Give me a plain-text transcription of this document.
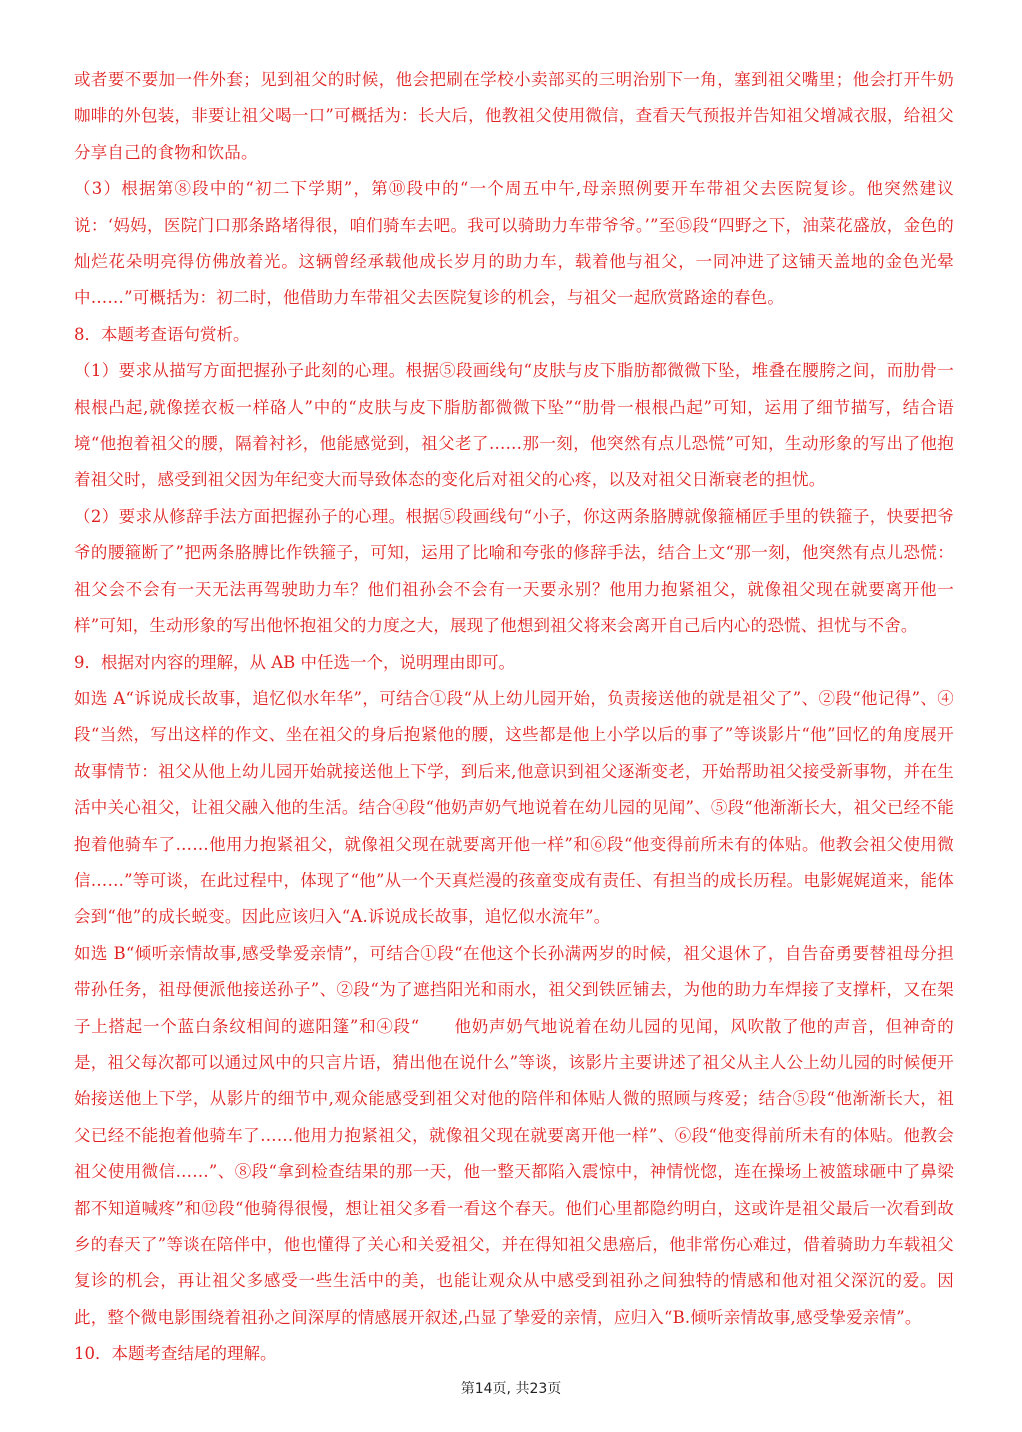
或者要不要加一件外套；见到祖父的时候，他会把刷在学校小卖部买的三明治别下一角，塞到祖父嘴里；他会打开牛奶咖啡的外包装，非要让祖父喝一口”可概括为：长大后，他教祖父使用微信，查看天气预报并告知祖父增减衣服，给祖父分享自己的食物和饮品。

（3）根据第⑧段中的“初二下学期”，第⑩段中的“一个周五中午,母亲照例要开车带祖父去医院复诊。他突然建议说：‘妈妈，医院门口那条路堵得很，咱们骑车去吧。我可以骑助力车带爷爷。’”至⑮段“四野之下，油菜花盛放，金色的灿烂花朵明亮得仿佛放着光。这辆曾经承载他成长岁月的助力车，载着他与祖父，一同冲进了这铺天盖地的金色光晕中……”可概括为：初二时，他借助力车带祖父去医院复诊的机会，与祖父一起欣赏路途的春色。

8．本题考查语句赏析。

（1）要求从描写方面把握孙子此刻的心理。根据⑤段画线句“皮肤与皮下脂肪都微微下坠，堆叠在腰胯之间，而肋骨一根根凸起,就像搓衣板一样硌人”中的“皮肤与皮下脂肪都微微下坠”“肋骨一根根凸起”可知，运用了细节描写，结合语境“他抱着祖父的腰，隔着衬衫，他能感觉到，祖父老了……那一刻，他突然有点儿恐慌”可知，生动形象的写出了他抱着祖父时，感受到祖父因为年纪变大而导致体态的变化后对祖父的心疼，以及对祖父日渐衰老的担忧。

（2）要求从修辞手法方面把握孙子的心理。根据⑤段画线句“小子，你这两条胳膊就像箍桶匠手里的铁箍子，快要把爷爷的腰箍断了”把两条胳膊比作铁箍子，可知，运用了比喻和夸张的修辞手法，结合上文“那一刻，他突然有点儿恐慌：祖父会不会有一天无法再驾驶助力车？他们祖孙会不会有一天要永别？他用力抱紧祖父，就像祖父现在就要离开他一样”可知，生动形象的写出他怀抱祖父的力度之大，展现了他想到祖父将来会离开自己后内心的恐慌、担忧与不舍。

9．根据对内容的理解，从 AB 中任选一个，说明理由即可。

如选 A“诉说成长故事，追忆似水年华”，可结合①段“从上幼儿园开始，负责接送他的就是祖父了”、②段“他记得”、④段“当然，写出这样的作文、坐在祖父的身后抱紧他的腰，这些都是他上小学以后的事了”等谈影片“他”回忆的角度展开故事情节：祖父从他上幼儿园开始就接送他上下学，到后来,他意识到祖父逐渐变老，开始帮助祖父接受新事物，并在生活中关心祖父，让祖父融入他的生活。结合④段“他奶声奶气地说着在幼儿园的见闻”、⑤段“他渐渐长大，祖父已经不能抱着他骑车了……他用力抱紧祖父，就像祖父现在就要离开他一样”和⑥段“他变得前所未有的体贴。他教会祖父使用微信……”等可谈，在此过程中，体现了“他”从一个天真烂漫的孩童变成有责任、有担当的成长历程。电影娓娓道来，能体会到“他”的成长蜕变。因此应该归入“A.诉说成长故事，追忆似水流年”。

如选 B“倾听亲情故事,感受挚爱亲情”，可结合①段“在他这个长孙满两岁的时候，祖父退休了，自告奋勇要替祖母分担带孙任务，祖母便派他接送孙子”、②段“为了遮挡阳光和雨水，祖父到铁匠铺去，为他的助力车焊接了支撑杆，又在架子上搭起一个蓝白条纹相间的遮阳篷”和④段“　　他奶声奶气地说着在幼儿园的见闻，风吹散了他的声音，但神奇的是，祖父每次都可以通过风中的只言片语，猜出他在说什么”等谈，该影片主要讲述了祖父从主人公上幼儿园的时候便开始接送他上下学，从影片的细节中,观众能感受到祖父对他的陪伴和体贴人微的照顾与疼爱；结合⑤段“他渐渐长大，祖父已经不能抱着他骑车了……他用力抱紧祖父，就像祖父现在就要离开他一样”、⑥段“他变得前所未有的体贴。他教会祖父使用微信……”、⑧段“拿到检查结果的那一天，他一整天都陷入震惊中，神情恍惚，连在操场上被篮球砸中了鼻梁都不知道喊疼”和⑫段“他骑得很慢，想让祖父多看一看这个春天。他们心里都隐约明白，这或许是祖父最后一次看到故乡的春天了”等谈在陪伴中，他也懂得了关心和关爱祖父，并在得知祖父患癌后，他非常伤心难过，借着骑助力车载祖父复诊的机会，再让祖父多感受一些生活中的美，也能让观众从中感受到祖孙之间独特的情感和他对祖父深沉的爱。因此，整个微电影围绕着祖孙之间深厚的情感展开叙述,凸显了挚爱的亲情，应归入“B.倾听亲情故事,感受挚爱亲情”。

10．本题考查结尾的理解。

第14页, 共23页
